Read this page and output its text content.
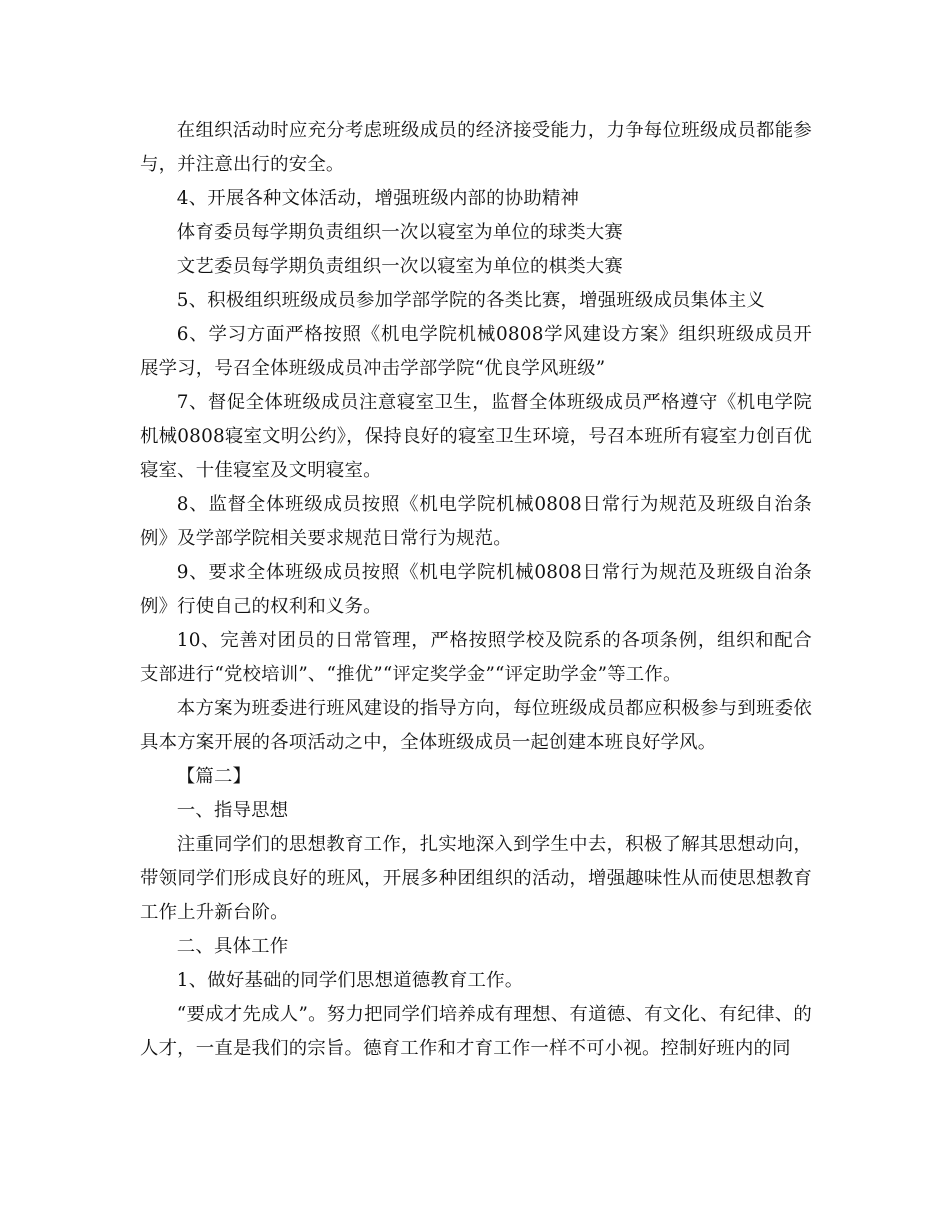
在组织活动时应充分考虑班级成员的经济接受能力，力争每位班级成员都能参与，并注意出行的安全。

4、开展各种文体活动，增强班级内部的协助精神

体育委员每学期负责组织一次以寝室为单位的球类大赛

文艺委员每学期负责组织一次以寝室为单位的棋类大赛

5、积极组织班级成员参加学部学院的各类比赛，增强班级成员集体主义

6、学习方面严格按照《机电学院机械0808学风建设方案》组织班级成员开展学习，号召全体班级成员冲击学部学院“优良学风班级”

7、督促全体班级成员注意寝室卫生，监督全体班级成员严格遵守《机电学院机械0808寝室文明公约》，保持良好的寝室卫生环境，号召本班所有寝室力创百优寝室、十佳寝室及文明寝室。

8、监督全体班级成员按照《机电学院机械0808日常行为规范及班级自治条例》及学部学院相关要求规范日常行为规范。

9、要求全体班级成员按照《机电学院机械0808日常行为规范及班级自治条例》行使自己的权利和义务。

10、完善对团员的日常管理，严格按照学校及院系的各项条例，组织和配合支部进行“党校培训”、“推优”“评定奖学金”“评定助学金”等工作。

本方案为班委进行班风建设的指导方向，每位班级成员都应积极参与到班委依具本方案开展的各项活动之中，全体班级成员一起创建本班良好学风。

【篇二】

一、指导思想

注重同学们的思想教育工作，扎实地深入到学生中去，积极了解其思想动向，带领同学们形成良好的班风，开展多种团组织的活动，增强趣味性从而使思想教育工作上升新台阶。

二、具体工作

1、做好基础的同学们思想道德教育工作。

“要成才先成人”。努力把同学们培养成有理想、有道德、有文化、有纪律、的人才，一直是我们的宗旨。德育工作和才育工作一样不可小视。控制好班内的同
